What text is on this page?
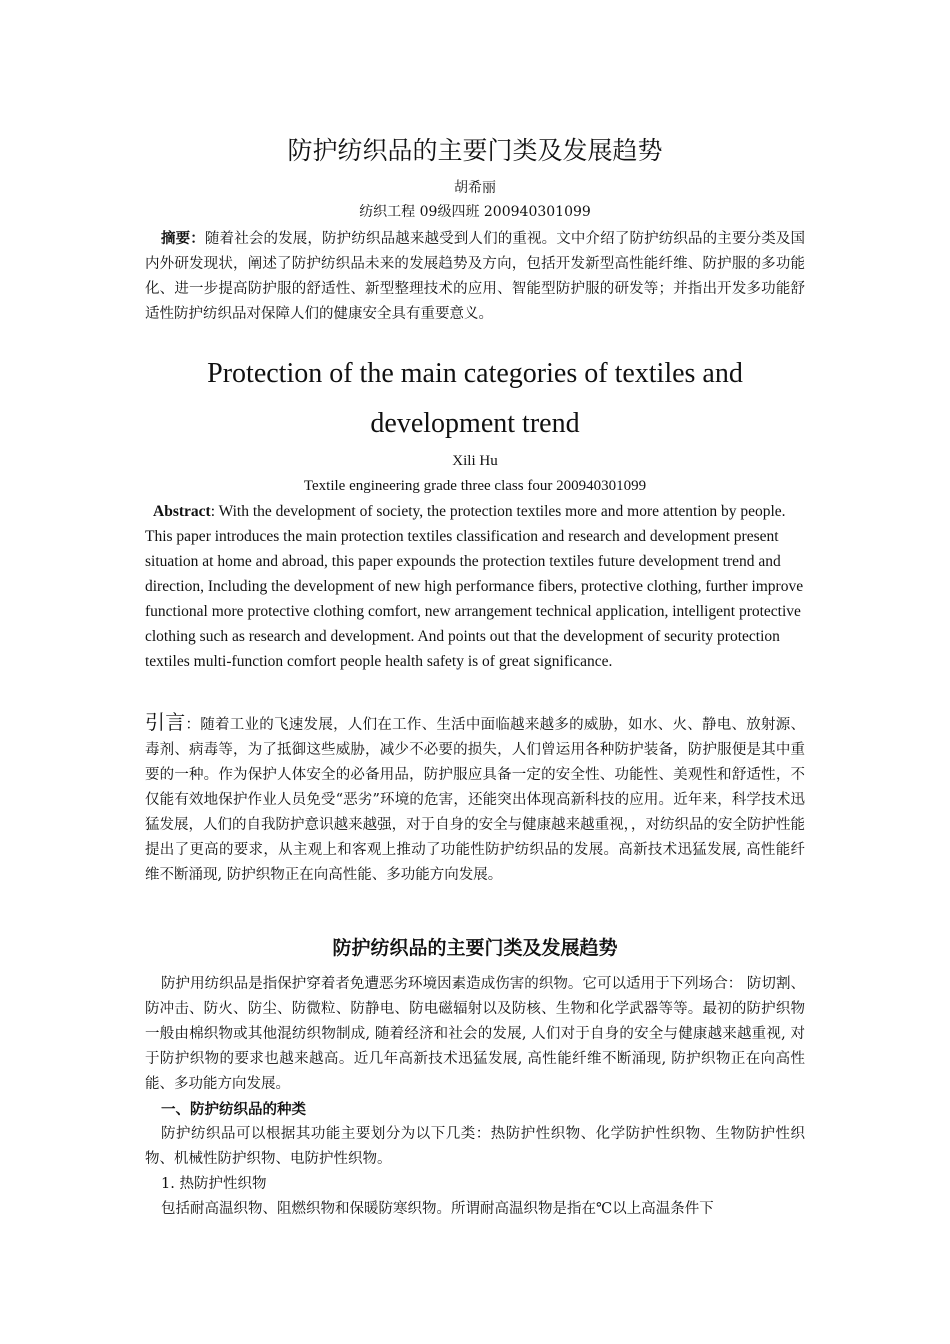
防护纺织品的主要门类及发展趋势
胡希丽
纺织工程 09级四班 200940301099
摘要：随着社会的发展，防护纺织品越来越受到人们的重视。文中介绍了防护纺织品的主要分类及国内外研发现状，阐述了防护纺织品未来的发展趋势及方向，包括开发新型高性能纤维、防护服的多功能化、进一步提高防护服的舒适性、新型整理技术的应用、智能型防护服的研发等；并指出开发多功能舒适性防护纺织品对保障人们的健康安全具有重要意义。
Protection of the main categories of textiles and
development trend
Xili Hu
Textile engineering grade three class four 200940301099
Abstract: With the development of society, the protection textiles more and more attention by people. This paper introduces the main protection textiles classification and research and development present situation at home and abroad, this paper expounds the protection textiles future development trend and direction, Including the development of new high performance fibers, protective clothing, further improve functional more protective clothing comfort, new arrangement technical application, intelligent protective clothing such as research and development. And points out that the development of security protection textiles multi-function comfort people health safety is of great significance.
引言：随着工业的飞速发展，人们在工作、生活中面临越来越多的威胁，如水、火、静电、放射源、毒剂、病毒等，为了抵御这些威胁，减少不必要的损失，人们曾运用各种防护装备，防护服便是其中重要的一种。作为保护人体安全的必备用品，防护服应具备一定的安全性、功能性、美观性和舒适性，不仅能有效地保护作业人员免受“恶劣”环境的危害，还能突出体现高新科技的应用。近年来，科学技术迅猛发展，人们的自我防护意识越来越强，对于自身的安全与健康越来越重视，，对纺织品的安全防护性能提出了更高的要求，从主观上和客观上推动了功能性防护纺织品的发展。高新技术迅猛发展, 高性能纤维不断涌现, 防护织物正在向高性能、多功能方向发展。
防护纺织品的主要门类及发展趋势
防护用纺织品是指保护穿着者免遭恶劣环境因素造成伤害的织物。它可以适用于下列场合： 防切割、防冲击、防火、防尘、防微粒、防静电、防电磁辐射以及防核、生物和化学武器等等。最初的防护织物一般由棉织物或其他混纺织物制成, 随着经济和社会的发展, 人们对于自身的安全与健康越来越重视, 对于防护织物的要求也越来越高。近几年高新技术迅猛发展, 高性能纤维不断涌现, 防护织物正在向高性能、多功能方向发展。
一、防护纺织品的种类
防护纺织品可以根据其功能主要划分为以下几类：热防护性织物、化学防护性织物、生物防护性织物、机械性防护织物、电防护性织物。
1. 热防护性织物
包括耐高温织物、阻燃织物和保暖防寒织物。所谓耐高温织物是指在℃以上高温条件下
